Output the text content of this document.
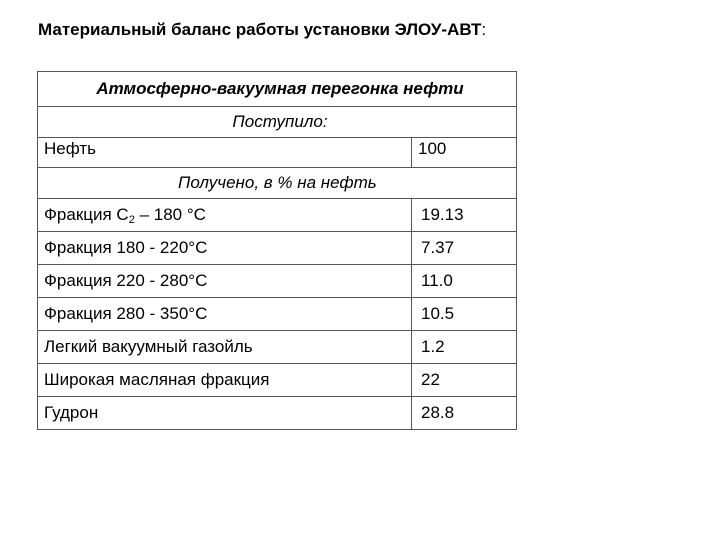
Материальный баланс работы установки ЭЛОУ-АВТ:
Атмосферно-вакуумная перегонка нефти	
Поступило:	
Нефть	100
Получено, в % на нефть	
Фракция $С_2 - 180$ °С	19.13
Фракция 180 - 220°С	7.37
Фракция 220 - 280°С	11.0
Фракция 280 - 350°С	10.5
Легкий вакуумный газойль	1.2
Широкая масляная фракция	22
Гудрон	28.8
